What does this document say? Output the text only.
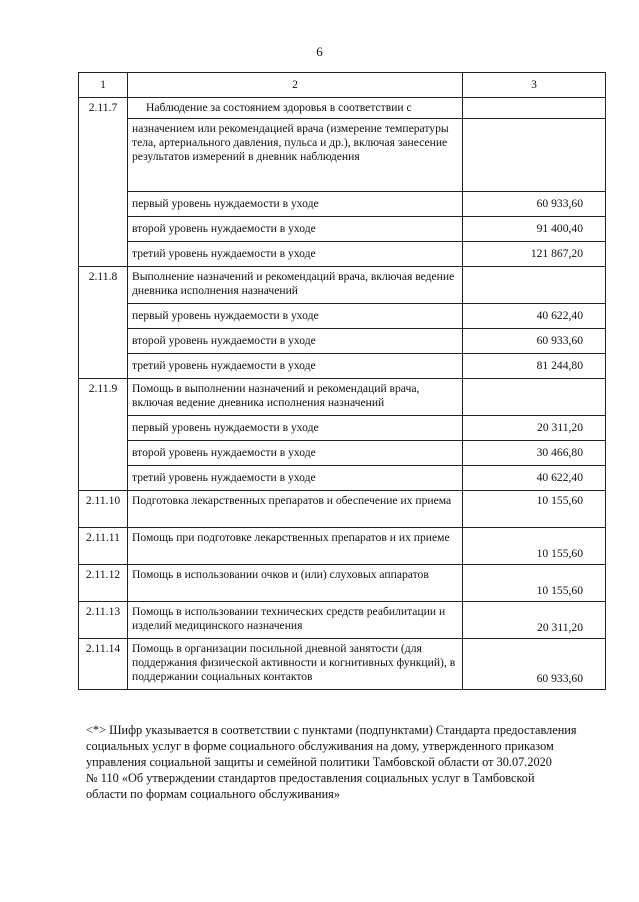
6
1	2	3
2.11.7	Наблюдение за состоянием здоровья в соответствии с	
	назначением или рекомендацией врача (измерение температуры тела, артериального давления, пульса и др.), включая занесение результатов измерений в дневник наблюдения	
	первый уровень нуждаемости в уходе	60 933,60
	второй уровень нуждаемости в уходе	91 400,40
	третий уровень нуждаемости в уходе	121 867,20
2.11.8	Выполнение назначений и рекомендаций врача, включая ведение дневника исполнения назначений	
	первый уровень нуждаемости в уходе	40 622,40
	второй уровень нуждаемости в уходе	60 933,60
	третий уровень нуждаемости в уходе	81 244,80
2.11.9	Помощь в выполнении назначений и рекомендаций врача, включая ведение дневника исполнения назначений	
	первый уровень нуждаемости в уходе	20 311,20
	второй уровень нуждаемости в уходе	30 466,80
	третий уровень нуждаемости в уходе	40 622,40
2.11.10	Подготовка лекарственных препаратов и обеспечение их приема	10 155,60
2.11.11	Помощь при подготовке лекарственных препаратов и их приеме	10 155,60
2.11.12	Помощь в использовании очков и (или) слуховых аппаратов	10 155,60
2.11.13	Помощь в использовании технических средств реабилитации и изделий медицинского назначения	20 311,20
2.11.14	Помощь в организации посильной дневной занятости (для поддержания физической активности и когнитивных функций), в поддержании социальных контактов	60 933,60
<*> Шифр указывается в соответствии с пунктами (подпунктами) Стандарта предоставления
социальных услуг в форме социального обслуживания на дому, утвержденного приказом
управления социальной защиты и семейной политики Тамбовской области от 30.07.2020
№ 110 «Об утверждении стандартов предоставления социальных услуг в Тамбовской
области по формам социального обслуживания»
